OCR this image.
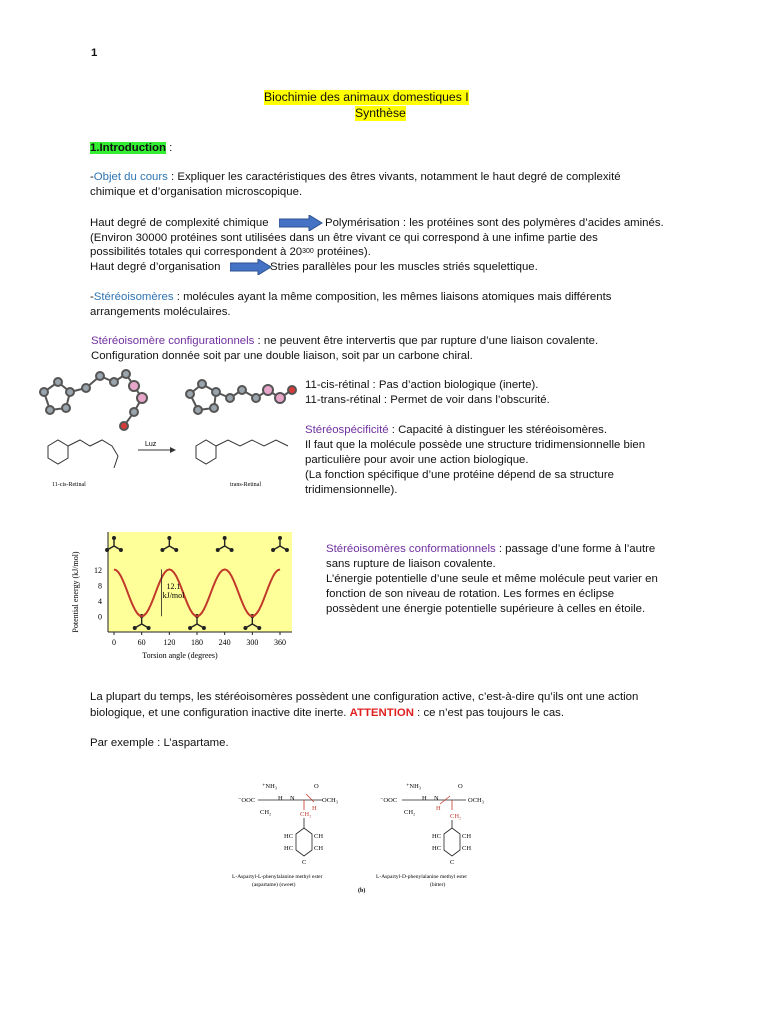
1
Biochimie des animaux domestiques I
Synthèse
1.Introduction :
-Objet du cours : Expliquer les caractéristiques des êtres vivants, notamment le haut degré de complexité
chimique et d’organisation microscopique.
Haut degré de complexité chimique	Polymérisation : les protéines sont des polymères d’acides aminés.
(Environ 30000 protéines sont utilisées dans un être vivant ce qui correspond à une infime partie des
possibilités totales qui correspondent à $20^{300}$ protéines).
Haut degré d’organisation	Stries parallèles pour les muscles striés squelettique.
-Stéréoisomères : molécules ayant la même composition, les mêmes liaisons atomiques mais différents
arrangements moléculaires.
Stéréoisomère configurationnels : ne peuvent être intervertis que par rupture d’une liaison covalente.
Configuration donnée soit par une double liaison, soit par un carbone chiral.
11-cis-Retinal
Luz
trans-Retinal
11-cis-rétinal : Pas d’action biologique (inerte).
11-trans-rétinal : Permet de voir dans l’obscurité.
Stéréospécificité : Capacité à distinguer les stéréoisomères.
Il faut que la molécule possède une structure tridimensionnelle bien
particulière pour avoir une action biologique.
(La fonction spécifique d’une protéine dépend de sa structure
tridimensionnelle).
12
8
4
0
0	60 120 180 240 300 360
Torsion angle (degrees)
Potential energy (kJ/mol)	12.1
kJ/mol
Stéréoisomères conformationnels : passage d’une forme à l’autre
sans rupture de liaison covalente.
L’énergie potentielle d’une seule et même molécule peut varier en
fonction de son niveau de rotation. Les formes en éclipse
possèdent une énergie potentielle supérieure à celles en étoile.
La plupart du temps, les stéréoisomères possèdent une configuration active, c’est-à-dire qu’ils ont une action
biologique, et une configuration inactive dite inerte. ATTENTION : ce n’est pas toujours le cas.
Par exemple : L’aspartame.
⁻OOC
⁺NH₃
H N
O
OCH₃
CH₂	CH₂
H
HC	CH
HC	CH
C
L-Aspartyl-L-phenylalanine methyl ester
(aspartame) (sweet)
⁻OOC
⁺NH₃
H N
O
OCH₃
CH₂
CH₂
H
HC	CH
HC	CH
C
L-Aspartyl-D-phenylalanine methyl ester
(bitter)
(b)
